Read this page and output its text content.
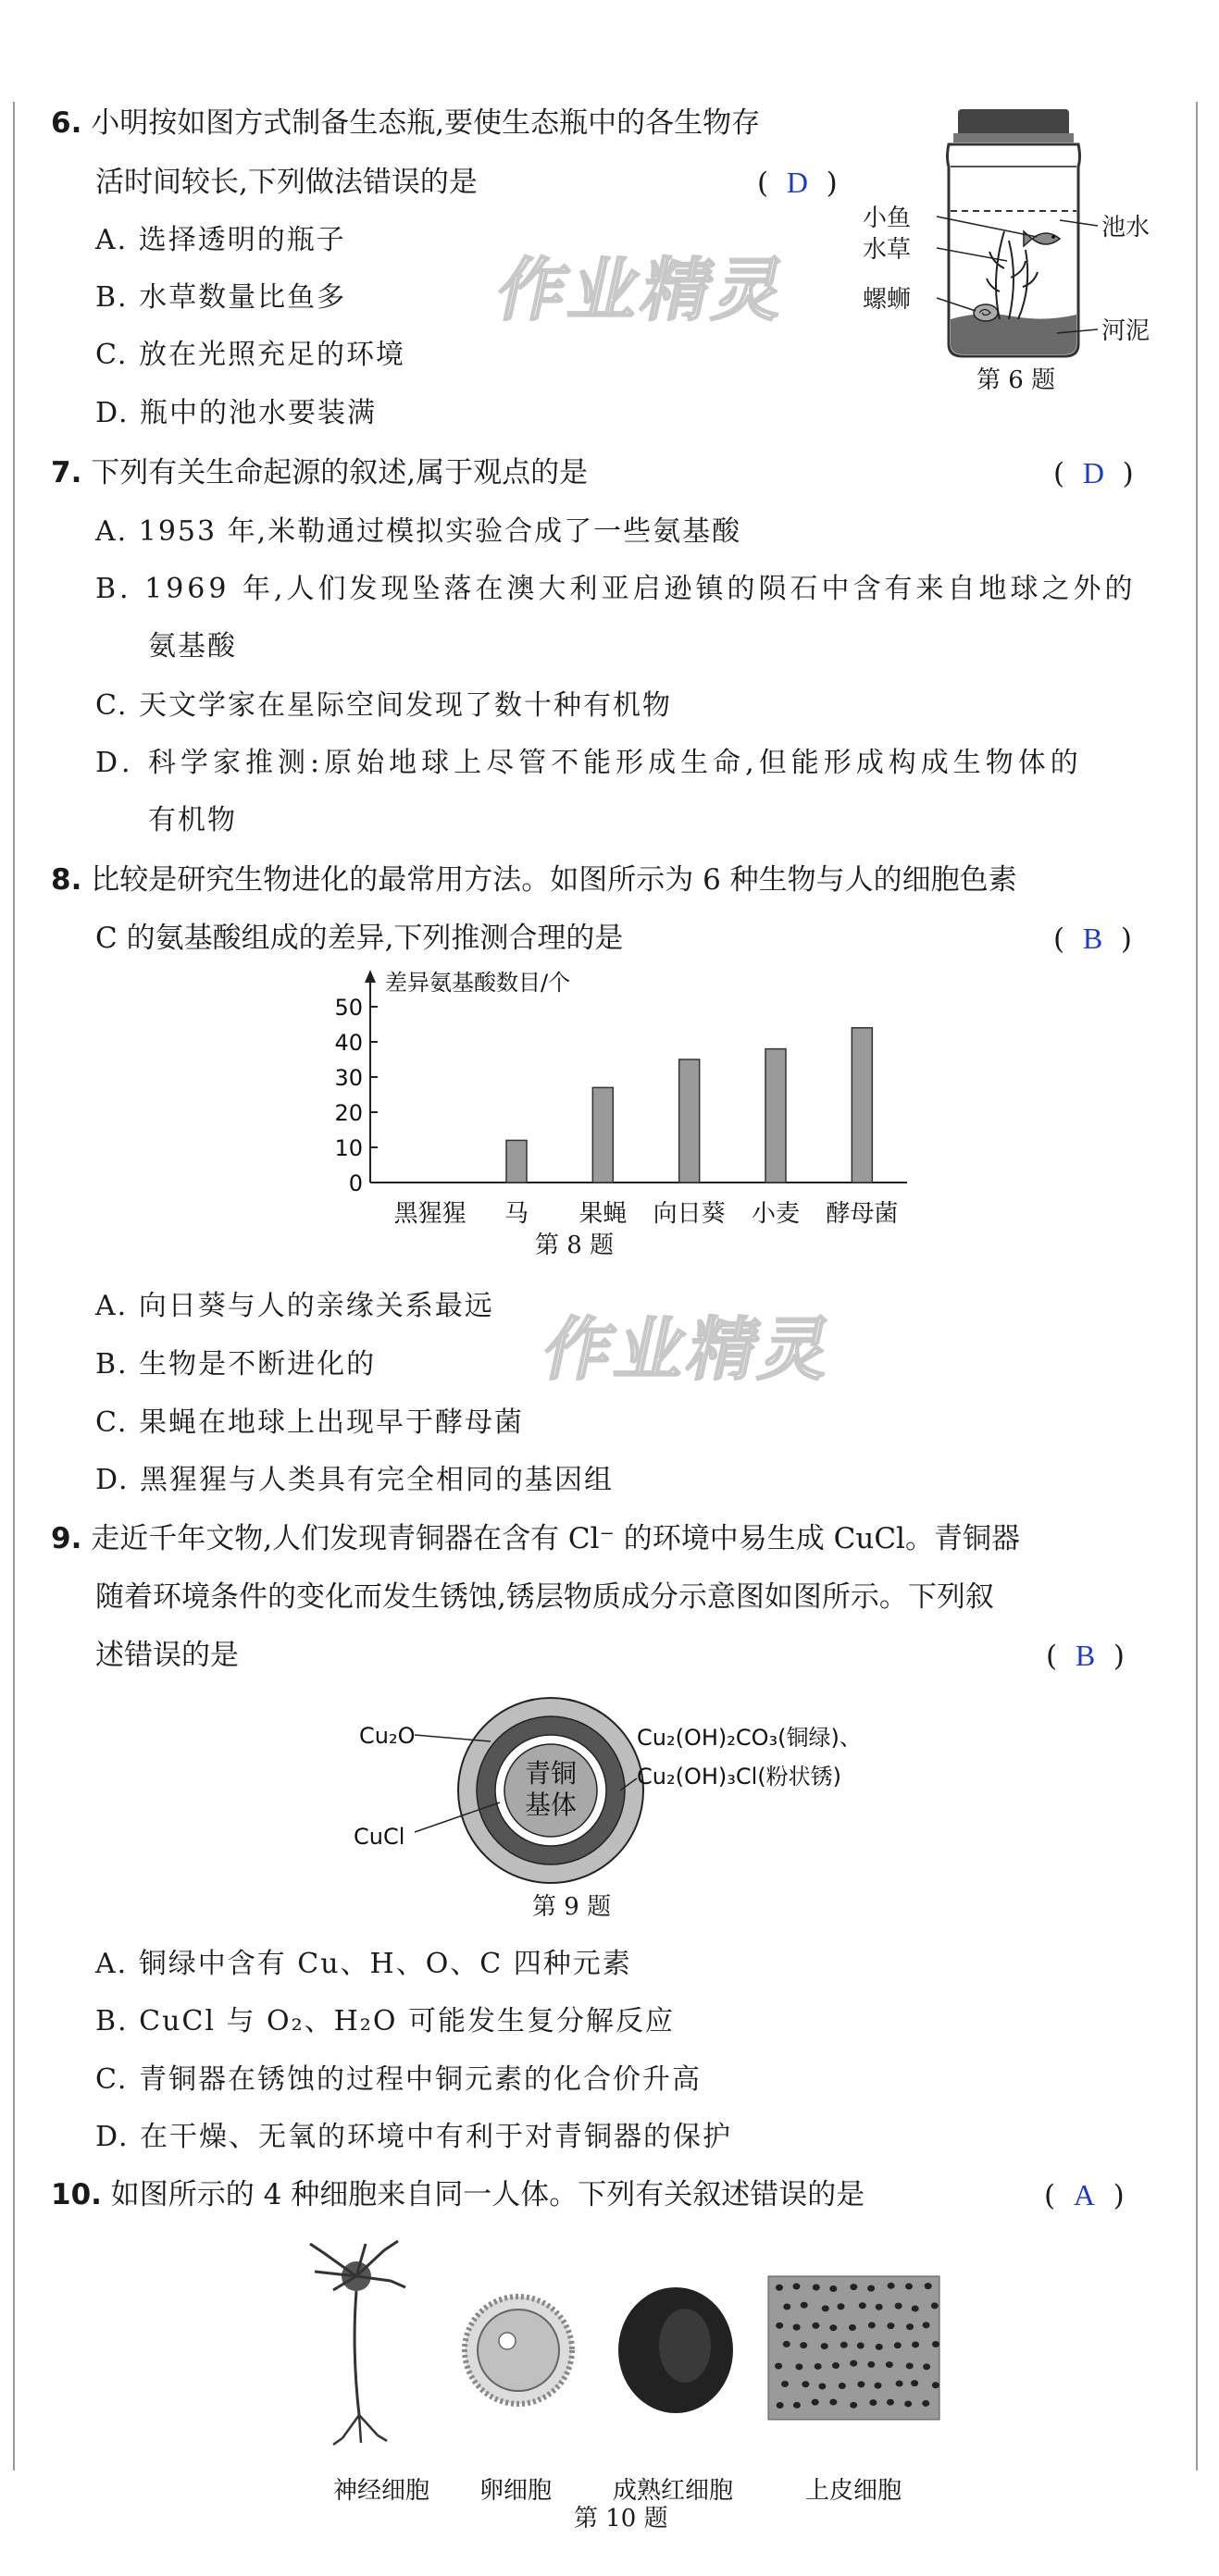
作业精灵
作业精灵
6. 小明按如图方式制备生态瓶,要使生态瓶中的各生物存
活时间较长,下列做法错误的是	( D )
A. 选择透明的瓶子
B. 水草数量比鱼多
C. 放在光照充足的环境
D. 瓶中的池水要装满
小鱼
水草
螺蛳
池水
河泥
第 6 题
7. 下列有关生命起源的叙述,属于观点的是	( D )
A. 1953 年,米勒通过模拟实验合成了一些氨基酸
B. 1969 年,人们发现坠落在澳大利亚启逊镇的陨石中含有来自地球之外的
氨基酸
C. 天文学家在星际空间发现了数十种有机物
D. 科学家推测:原始地球上尽管不能形成生命,但能形成构成生物体的
有机物
8. 比较是研究生物进化的最常用方法。如图所示为 6 种生物与人的细胞色素
C 的氨基酸组成的差异,下列推测合理的是	( B )
差异氨基酸数目/个
0
10
20
30
40
50
黑猩猩 马 果蝇 向日葵 小麦 酵母菌
第 8 题
A. 向日葵与人的亲缘关系最远
B. 生物是不断进化的
C. 果蝇在地球上出现早于酵母菌
D. 黑猩猩与人类具有完全相同的基因组
9. 走近千年文物,人们发现青铜器在含有 Cl⁻ 的环境中易生成 CuCl。青铜器
随着环境条件的变化而发生锈蚀,锈层物质成分示意图如图所示。下列叙
述错误的是	( B )
青铜
基体
Cu₂O
CuCl
Cu₂(OH)₂CO₃(铜绿)、
Cu₂(OH)₃Cl(粉状锈)
第 9 题
A. 铜绿中含有 Cu、H、O、C 四种元素
B. CuCl 与 O₂、H₂O 可能发生复分解反应
C. 青铜器在锈蚀的过程中铜元素的化合价升高
D. 在干燥、无氧的环境中有利于对青铜器的保护
10. 如图所示的 4 种细胞来自同一人体。下列有关叙述错误的是	( A )
神经细胞 卵细胞	成熟红细胞	上皮细胞
第 10 题
